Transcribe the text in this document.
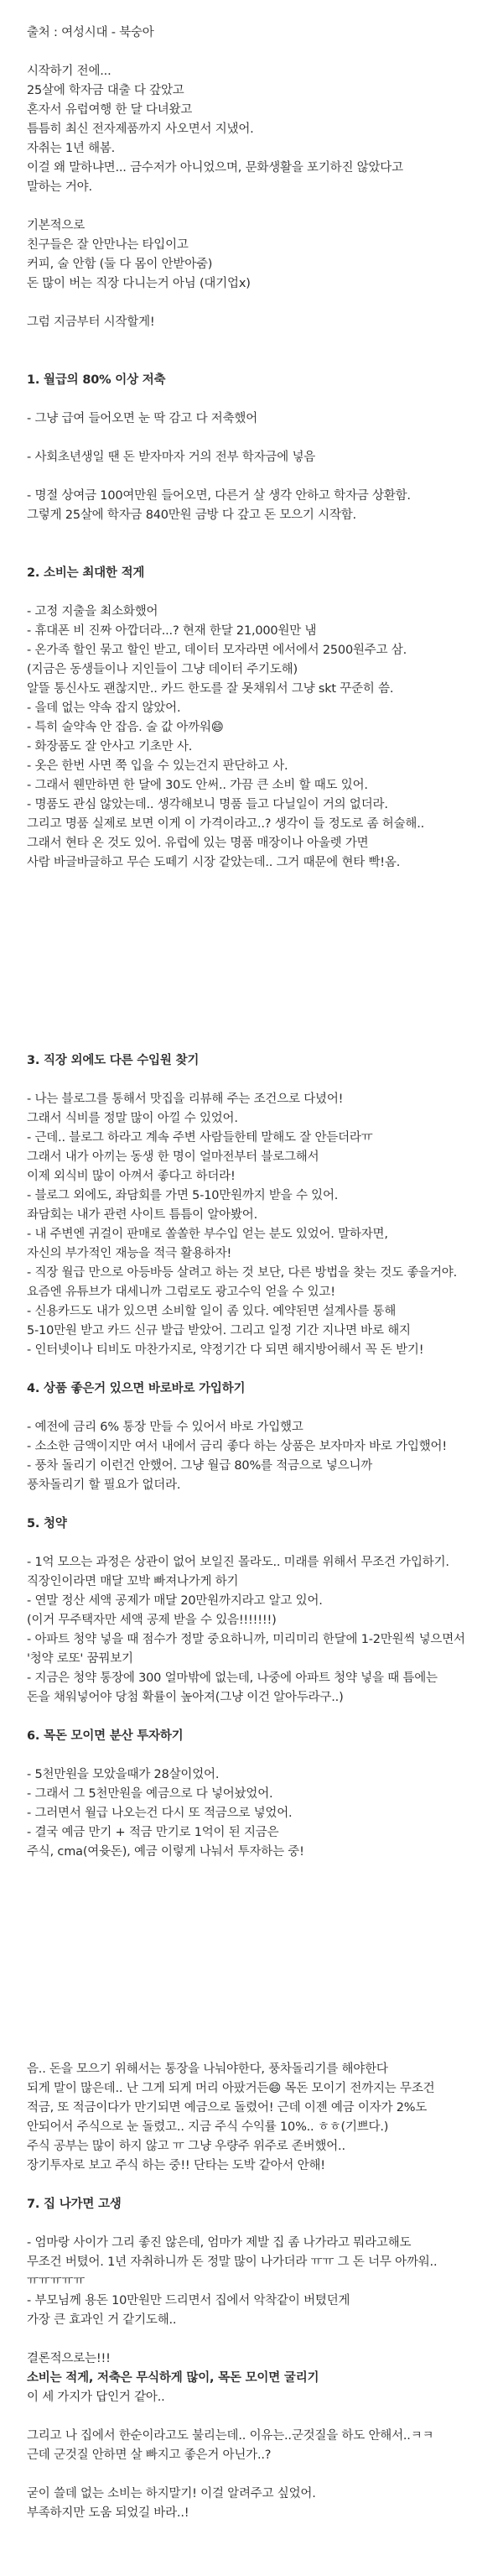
출처 : 여성시대 - 북숭아
시작하기 전에...
25살에 학자금 대출 다 갚았고
혼자서 유럽여행 한 달 다녀왔고
틈틈히 최신 전자제품까지 사오면서 지냈어.
자취는 1년 해봄.
이걸 왜 말하냐면... 금수저가 아니었으며, 문화생활을 포기하진 않았다고
말하는 거야.
기본적으로
친구들은 잘 안만나는 타입이고
커피, 술 안함 (둘 다 몸이 안받아줌)
돈 많이 버는 직장 다니는거 아님 (대기업x)
그럼 지금부터 시작할게!
1. 월급의 80% 이상 저축
- 그냥 급여 들어오면 눈 딱 감고 다 저축했어
- 사회초년생일 땐 돈 받자마자 거의 전부 학자금에 넣음
- 명절 상여금 100여만원 들어오면, 다른거 살 생각 안하고 학자금 상환함.
그렇게 25살에 학자금 840만원 금방 다 갚고 돈 모으기 시작함.
2. 소비는 최대한 적게
- 고정 지출을 최소화했어
- 휴대폰 비 진짜 아깝더라...? 현재 한달 21,000원만 냄
- 온가족 할인 묶고 할인 받고, 데이터 모자라면 에서에서 2500원주고 삼.
(지금은 동생들이나 지인들이 그냥 데이터 주기도해)
알뜰 통신사도 괜찮지만.. 카드 한도를 잘 못채워서 그냥 skt 꾸준히 씀.
- 을데 없는 약속 잡지 않았어.
- 특히 술약속 안 잡음. 술 값 아까워😄
- 화장품도 잘 안사고 기초만 사.
- 옷은 한번 사면 쭉 입을 수 있는건지 판단하고 사.
- 그래서 웬만하면 한 달에 30도 안써.. 가끔 큰 소비 할 때도 있어.
- 명품도 관심 않았는데.. 생각해보니 명품 들고 다닐일이 거의 없더라.
그리고 명품 실제로 보면 이게 이 가격이라고..? 생각이 들 정도로 좀 허술해..
그래서 현타 온 것도 있어. 유럽에 있는 명품 매장이나 아울렛 가면
사람 바글바글하고 무슨 도떼기 시장 같았는데.. 그거 때문에 현타 빡!옴.
3. 직장 외에도 다른 수입원 찾기
- 나는 블로그를 통해서 맛집을 리뷰해 주는 조건으로 다녔어!
그래서 식비를 정말 많이 아낄 수 있었어.
- 근데.. 블로그 하라고 계속 주변 사람들한테 말해도 잘 안듣더라ㅠ
그래서 내가 아끼는 동생 한 명이 얼마전부터 블로그해서
이제 외식비 많이 아껴서 좋다고 하더라!
- 블로그 외에도, 좌담회를 가면 5-10만원까지 받을 수 있어.
좌담회는 내가 관련 사이트 틈틈이 알아봤어.
- 내 주변엔 귀걸이 판매로 쏠쏠한 부수입 얻는 분도 있었어. 말하자면,
자신의 부가적인 재능을 적극 활용하자!
- 직장 월급 만으로 아등바등 살려고 하는 것 보단, 다른 방법을 찾는 것도 좋을거야.
요즘엔 유튜브가 대세니까 그럼로도 광고수익 얻을 수 있고!
- 신용카드도 내가 있으면 소비할 일이 좀 있다. 예약된면 설계사를 통해
5-10만원 받고 카드 신규 발급 받았어. 그리고 일정 기간 지나면 바로 해지
- 인터넷이나 티비도 마찬가지로, 약정기간 다 되면 해지방어해서 꼭 돈 받기!
4. 상품 좋은거 있으면 바로바로 가입하기
- 예전에 금리 6% 통장 만들 수 있어서 바로 가입했고
- 소소한 금액이지만 여서 내에서 금리 좋다 하는 상품은 보자마자 바로 가입했어!
- 풍차 돌리기 이런건 안했어. 그냥 월급 80%를 적금으로 넣으니까
풍차돌리기 할 필요가 없더라.
5. 청약
- 1억 모으는 과정은 상관이 없어 보일진 몰라도.. 미래를 위해서 무조건 가입하기.
직장인이라면 매달 꼬박 빠져나가게 하기
- 연말 정산 세액 공제가 매달 20만원까지라고 알고 있어.
(이거 무주택자만 세액 공제 받을 수 있음!!!!!!!)
- 아파트 청약 넣을 때 점수가 정말 중요하니까, 미리미리 한달에 1-2만원씩 넣으면서
'청약 로또' 꿈꿔보기
- 지금은 청약 통장에 300 얼마밖에 없는데, 나중에 아파트 청약 넣을 때 틈에는
돈을 채워넣어야 당첨 확률이 높아져(그냥 이건 알아두라구..)
6. 목돈 모이면 분산 투자하기
- 5천만원을 모았을때가 28살이었어.
- 그래서 그 5천만원을 예금으로 다 넣어놨었어.
- 그러면서 월급 나오는건 다시 또 적금으로 넣었어.
- 결국 예금 만기 + 적금 만기로 1억이 된 지금은
주식, cma(여윳돈), 예금 이렇게 나눠서 투자하는 중!
음.. 돈을 모으기 위해서는 통장을 나눠야한다, 풍차돌리기를 해야한다
되게 말이 많은데.. 난 그게 되게 머리 아팠거든😄 목돈 모이기 전까지는 무조건
적금, 또 적금이다가 만기되면 예금으로 돌렸어! 근데 이젠 예금 이자가 2%도
안되어서 주식으로 눈 돌렸고.. 지금 주식 수익률 10%.. ㅎㅎ(기쁘다.)
주식 공부는 많이 하지 않고 ㅠ 그냥 우량주 위주로 존버했어..
장기투자로 보고 주식 하는 중!! 단타는 도박 같아서 안해!
7. 집 나가면 고생
- 엄마랑 사이가 그리 좋진 않은데, 엄마가 제발 집 좀 나가라고 뭐라고해도
무조건 버텼어. 1년 자취하니까 돈 정말 많이 나가더라 ㅠㅠ 그 돈 너무 아까워..
ㅠㅠㅠㅠㅠ
- 부모님께 용돈 10만원만 드리면서 집에서 악착같이 버텼던게
가장 큰 효과인 거 같기도해..
결론적으로는!!!
소비는 적게, 저축은 무식하게 많이, 목돈 모이면 굴리기
이 세 가지가 답인거 같아..
그리고 나 집에서 한순이라고도 불리는데.. 이유는..군것질을 하도 안해서..ㅋㅋ
근데 군것질 안하면 살 빠지고 좋은거 아닌가..?
굳이 쓸데 없는 소비는 하지말기! 이걸 알려주고 싶었어.
부족하지만 도움 되었길 바라..!
